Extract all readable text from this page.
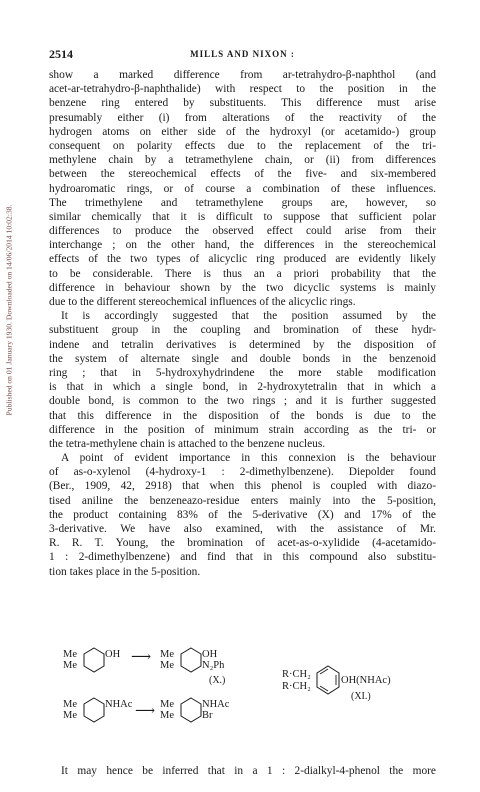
Published on 01 January 1930. Downloaded on 14/06/2014 10:02:38.
2514	MILLS AND NIXON :
show a marked difference from ar-tetrahydro-β-naphthol (and
acet-ar-tetrahydro-β-naphthalide) with respect to the position in the
benzene ring entered by substituents. This difference must arise
presumably either (i) from alterations of the reactivity of the
hydrogen atoms on either side of the hydroxyl (or acetamido-) group
consequent on polarity effects due to the replacement of the tri-
methylene chain by a tetramethylene chain, or (ii) from differences
between the stereochemical effects of the five- and six-membered
hydroaromatic rings, or of course a combination of these influences.
The trimethylene and tetramethylene groups are, however, so
similar chemically that it is difficult to suppose that sufficient polar
differences to produce the observed effect could arise from their
interchange ; on the other hand, the differences in the stereochemical
effects of the two types of alicyclic ring produced are evidently likely
to be considerable. There is thus an a priori probability that the
difference in behaviour shown by the two dicyclic systems is mainly
due to the different stereochemical influences of the alicyclic rings.
It is accordingly suggested that the position assumed by the
substituent group in the coupling and bromination of these hydr-
indene and tetralin derivatives is determined by the disposition of
the system of alternate single and double bonds in the benzenoid
ring ; that in 5-hydroxyhydrindene the more stable modification
is that in which a single bond, in 2-hydroxytetralin that in which a
double bond, is common to the two rings ; and it is further suggested
that this difference in the disposition of the bonds is due to the
difference in the position of minimum strain according as the tri- or
the tetra-methylene chain is attached to the benzene nucleus.
A point of evident importance in this connexion is the behaviour
of as-o-xylenol (4-hydroxy-1 : 2-dimethylbenzene). Diepolder found
(Ber., 1909, 42, 2918) that when this phenol is coupled with diazo-
tised aniline the benzeneazo-residue enters mainly into the 5-position,
the product containing 83% of the 5-derivative (X) and 17% of the
3-derivative. We have also examined, with the assistance of Mr.
R. R. T. Young, the bromination of acet-as-o-xylidide (4-acetamido-
1 : 2-dimethylbenzene) and find that in this compound also substitu-
tion takes place in the 5-position.
Me
Me
OH ⟶ Me
Me
OH
N₂Ph
(X.)
Me
Me
NHAc ⟶ Me
Me
NHAc
Br
R·CH₂
R·CH₂
OH(NHAc)
(XI.)
It may hence be inferred that in a 1 : 2-dialkyl-4-phenol the more
